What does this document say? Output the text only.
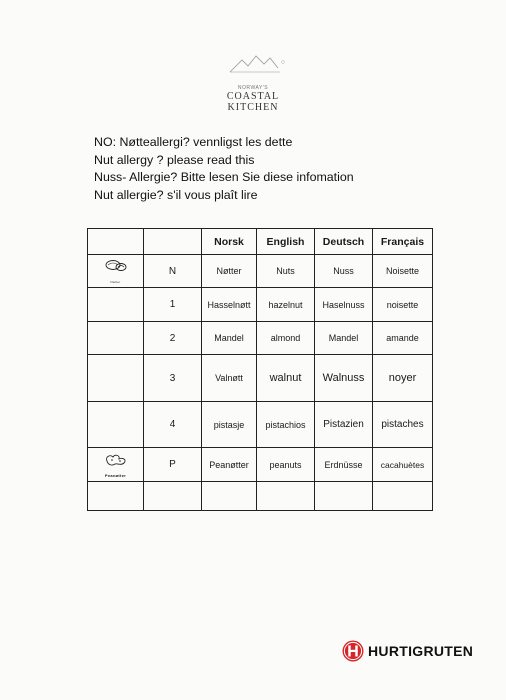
NORWAY'S
COASTAL
KITCHEN
NO: Nøtteallergi? vennligst les dette
Nut allergy ? please read this
Nuss- Allergie? Bitte lesen Sie diese infomation
Nut allergie? s'il vous plaît lire
		Norsk	English	Deutsch	Français

Nøtter	N	Nøtter	Nuts	Nuss	Noisette
	1	Hasselnøtt	hazelnut	Haselnuss	noisette
	2	Mandel	almond	Mandel	amande
	3	Valnøtt	walnut	Walnuss	noyer
	4	pistasje	pistachios	Pistazien	pistaches

Peanøtter	P	Peanøtter	peanuts	Erdnüsse	cacahuètes

HURTIGRUTEN
